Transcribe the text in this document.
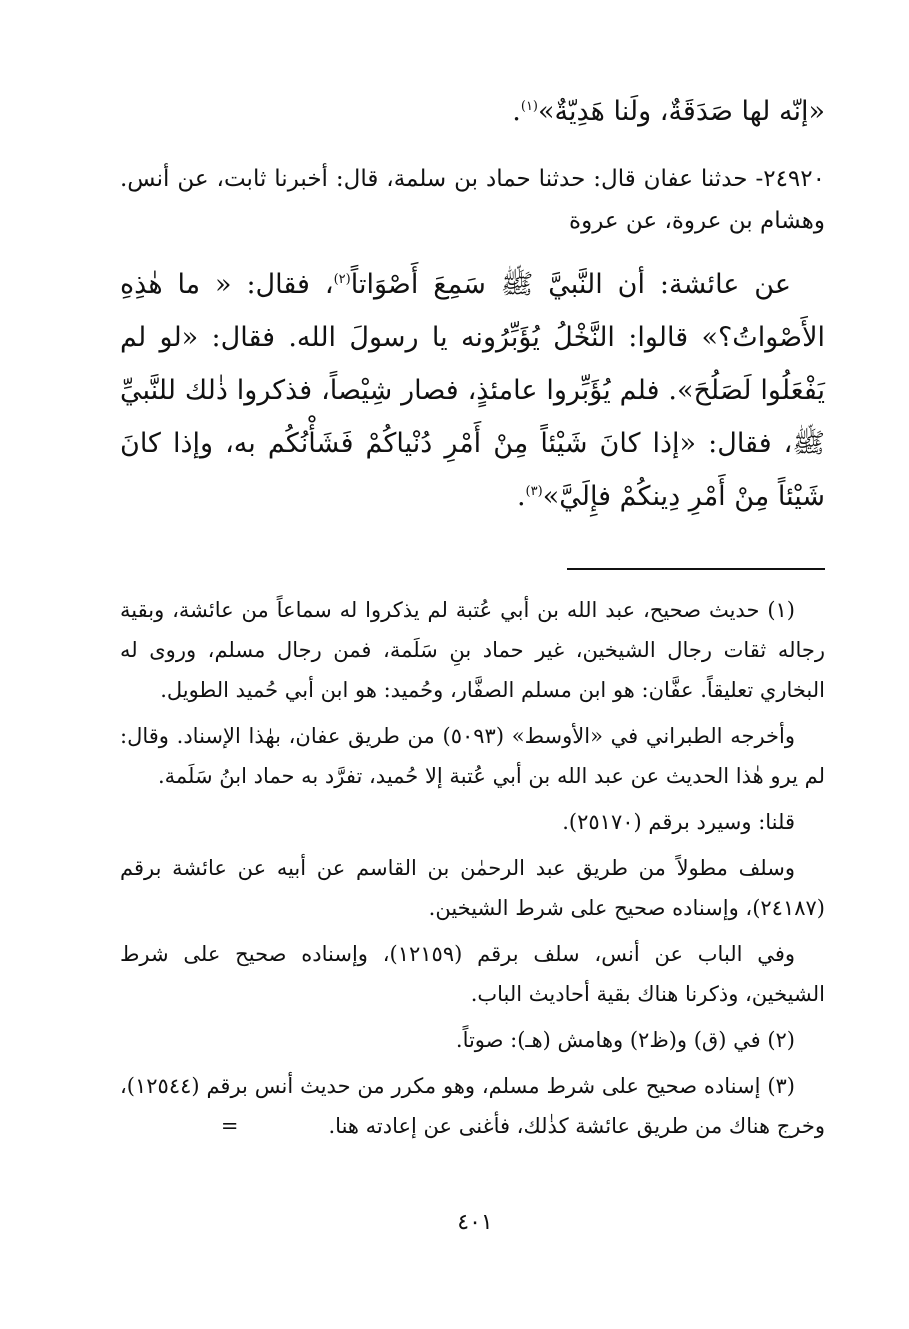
«إنّه لها صَدَقَةٌ، ولَنا هَدِيّةٌ»$^{(١)}$.

٢٤٩٢٠- حدثنا عفان قال: حدثنا حماد بن سلمة، قال: أخبرنا ثابت، عن أنس. وهشام بن عروة، عن عروة

عن عائشة: أن النَّبيَّ ﷺ سَمِعَ أَصْوَاتاً$^{(٢)}$، فقال: « ما هٰذِهِ الأَصْواتُ؟» قالوا: النَّخْلُ يُؤَبِّرُونه يا رسولَ الله. فقال: «لو لم يَفْعَلُوا لَصَلُحَ». فلم يُؤَبِّروا عامئذٍ، فصار شِيْصاً، فذكروا ذٰلك للنَّبيِّ ﷺ، فقال: «إذا كانَ شَيْئاً مِنْ أَمْرِ دُنْياكُمْ فَشَأْنُكُم به، وإذا كانَ شَيْئاً مِنْ أَمْرِ دِينكُمْ فإِلَيَّ»$^{(٣)}$.

(١) حديث صحيح، عبد الله بن أبي عُتبة لم يذكروا له سماعاً من عائشة، وبقية رجاله ثقات رجال الشيخين، غير حماد بنِ سَلَمة، فمن رجال مسلم، وروى له البخاري تعليقاً. عفَّان: هو ابن مسلم الصفَّار، وحُميد: هو ابن أبي حُميد الطويل.

وأخرجه الطبراني في «الأوسط» (٥٠٩٣) من طريق عفان، بهٰذا الإسناد. وقال: لم يرو هٰذا الحديث عن عبد الله بن أبي عُتبة إلا حُميد، تفرَّد به حماد ابنُ سَلَمة.

قلنا: وسيرد برقم (٢٥١٧٠).

وسلف مطولاً من طريق عبد الرحمٰن بن القاسم عن أبيه عن عائشة برقم (٢٤١٨٧)، وإسناده صحيح على شرط الشيخين.

وفي الباب عن أنس، سلف برقم (١٢١٥٩)، وإسناده صحيح على شرط الشيخين، وذكرنا هناك بقية أحاديث الباب.

(٢) في (ق) و(ظ٢) وهامش (هـ): صوتاً.

(٣) إسناده صحيح على شرط مسلم، وهو مكرر من حديث أنس برقم (١٢٥٤٤)، وخرج هناك من طريق عائشة كذٰلك، فأغنى عن إعادته هنا.=

٤٠١
